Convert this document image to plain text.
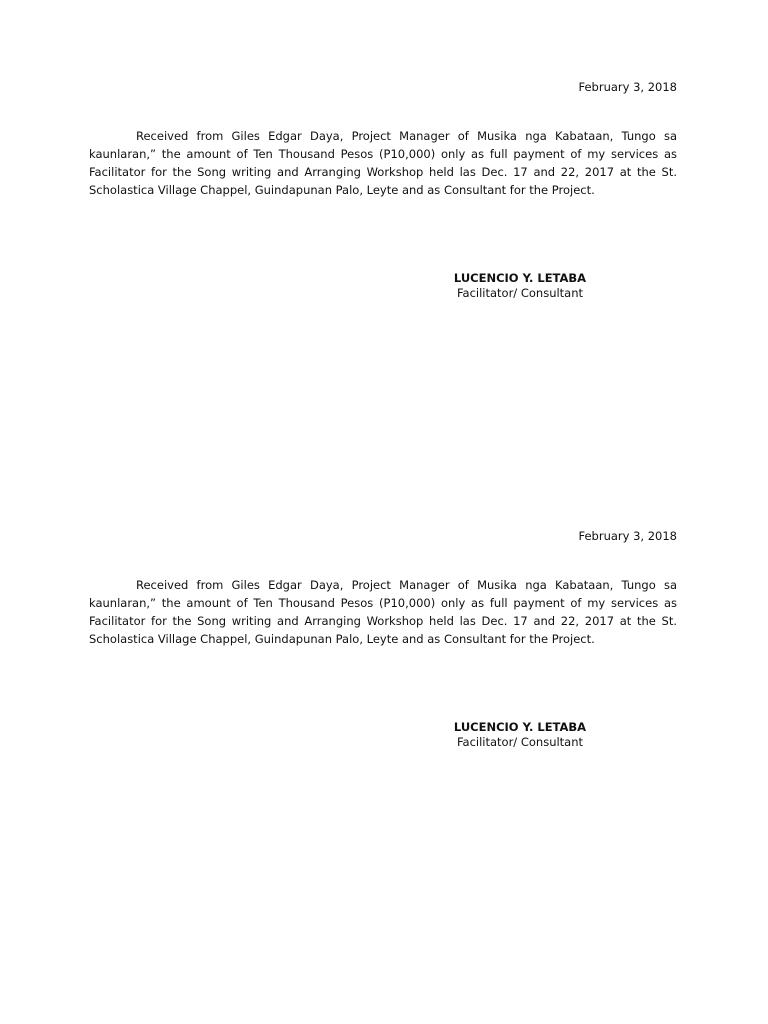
February 3, 2018

Received from Giles Edgar Daya, Project Manager of Musika nga Kabataan, Tungo sa kaunlaran,” the amount of Ten Thousand Pesos (P10,000) only as full payment of my services as Facilitator for the Song writing and Arranging Workshop held las Dec. 17 and 22, 2017 at the St. Scholastica Village Chappel, Guindapunan Palo, Leyte and as Consultant for the Project.

LUCENCIO Y. LETABA
Facilitator/ Consultant
February 3, 2018

Received from Giles Edgar Daya, Project Manager of Musika nga Kabataan, Tungo sa kaunlaran,” the amount of Ten Thousand Pesos (P10,000) only as full payment of my services as Facilitator for the Song writing and Arranging Workshop held las Dec. 17 and 22, 2017 at the St. Scholastica Village Chappel, Guindapunan Palo, Leyte and as Consultant for the Project.

LUCENCIO Y. LETABA
Facilitator/ Consultant
